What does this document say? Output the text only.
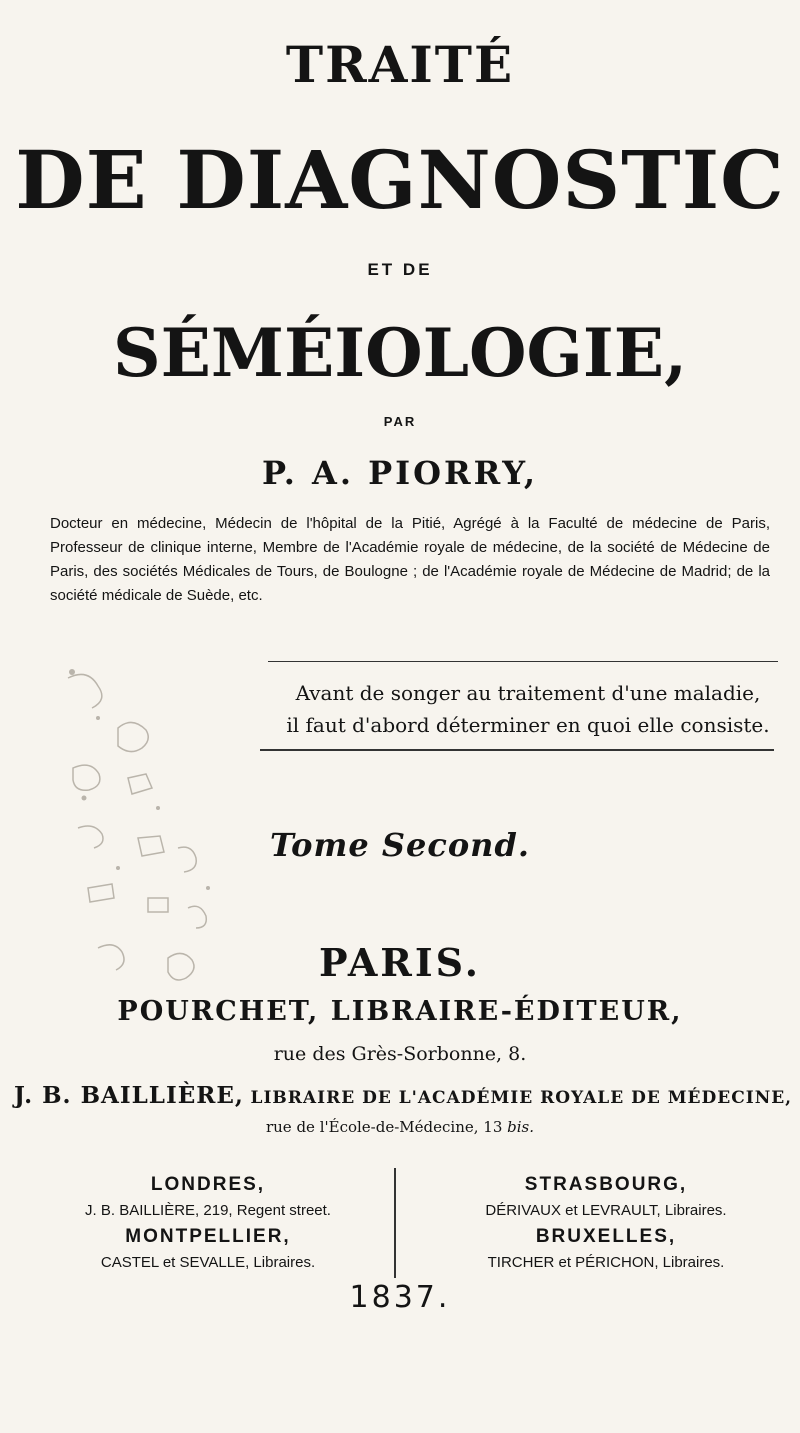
TRAITÉ
DE DIAGNOSTIC

ET DE

SÉMÉIOLOGIE,

PAR

P. A. PIORRY,

Docteur en médecine, Médecin de l'hôpital de la Pitié, Agrégé à la Faculté de médecine de Paris, Professeur de clinique interne, Membre de l'Académie royale de médecine, de la société de Médecine de Paris, des sociétés Médicales de Tours, de Boulogne ; de l'Académie royale de Médecine de Madrid; de la société médicale de Suède, etc.

Avant de songer au traitement d'une maladie,
il faut d'abord déterminer en quoi elle consiste.

Tome Second.

PARIS.

POURCHET, LIBRAIRE-ÉDITEUR,

rue des Grès-Sorbonne, 8.

J. B. BAILLIÈRE, LIBRAIRE DE L'ACADÉMIE ROYALE DE MÉDECINE,

rue de l'École-de-Médecine, 13 bis.

LONDRES,

J. B. BAILLIÈRE, 219, Regent street.

MONTPELLIER,

CASTEL et SEVALLE, Libraires.

STRASBOURG,

DÉRIVAUX et LEVRAULT, Libraires.

BRUXELLES,

TIRCHER et PÉRICHON, Libraires.

1837.
